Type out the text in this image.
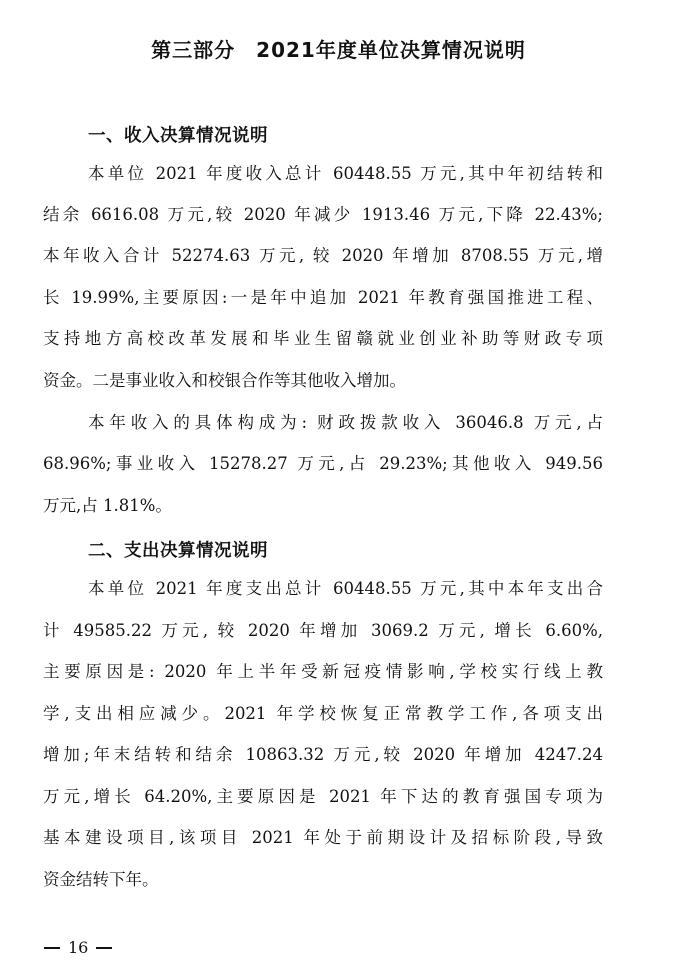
第三部分　2021年度单位决算情况说明
一、收入决算情况说明
本单位 2021 年度收入总计 60448.55 万元,其中年初结转和
结余 6616.08 万元,较 2020 年减少 1913.46 万元,下降 22.43%;
本年收入合计 52274.63 万元, 较 2020 年增加 8708.55 万元,增
长 19.99%,主要原因:一是年中追加 2021 年教育强国推进工程、
支持地方高校改革发展和毕业生留赣就业创业补助等财政专项
资金。二是事业收入和校银合作等其他收入增加。
本年收入的具体构成为: 财政拨款收入 36046.8 万元,占
68.96%;事业收入 15278.27 万元,占 29.23%;其他收入 949.56
万元,占 1.81%。
二、支出决算情况说明
本单位 2021 年度支出总计 60448.55 万元,其中本年支出合
计 49585.22 万元, 较 2020 年增加 3069.2 万元, 增长 6.60%,
主要原因是: 2020 年上半年受新冠疫情影响,学校实行线上教
学,支出相应减少。2021 年学校恢复正常教学工作,各项支出
增加;年末结转和结余 10863.32 万元,较 2020 年增加 4247.24
万元,增长 64.20%,主要原因是 2021 年下达的教育强国专项为
基本建设项目,该项目 2021 年处于前期设计及招标阶段,导致
资金结转下年。
16
